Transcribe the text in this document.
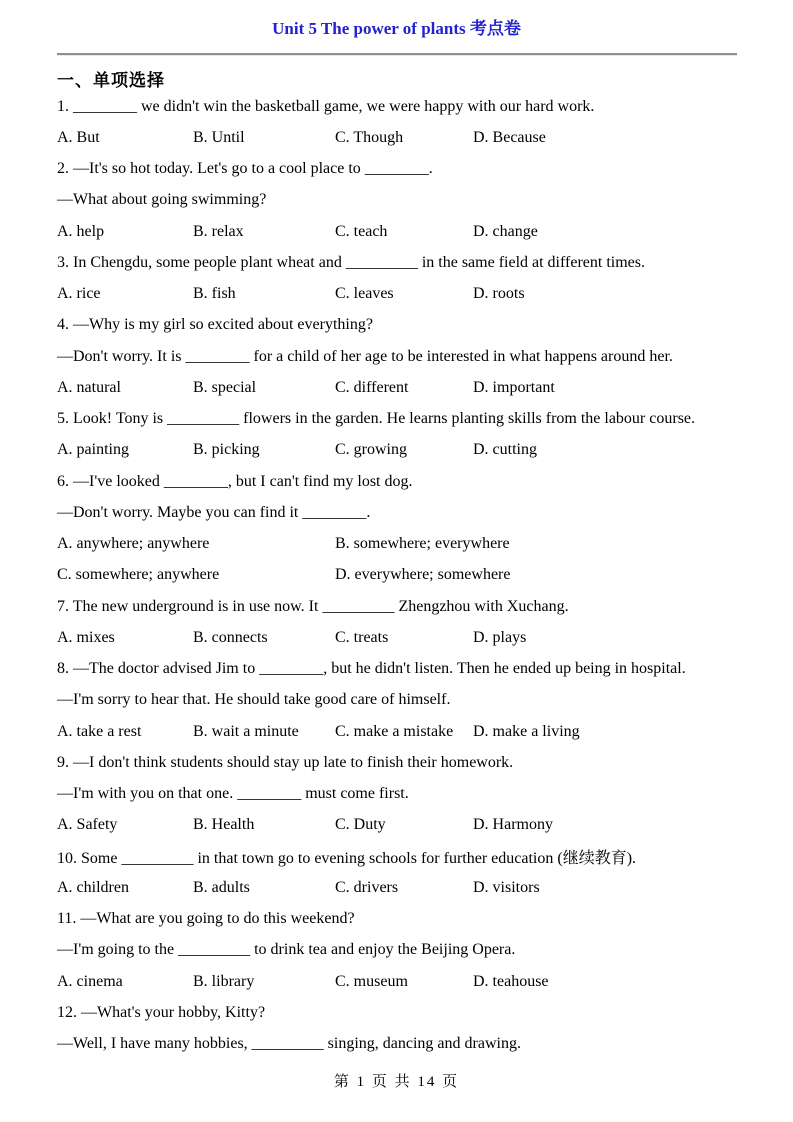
Unit 5 The power of plants 考点卷
一、单项选择
1. ________ we didn't win the basketball game, we were happy with our hard work.
A. But	B. Until	C. Though	D. Because
2. —It's so hot today. Let's go to a cool place to ________.
—What about going swimming?
A. help	B. relax	C. teach	D. change
3. In Chengdu, some people plant wheat and _________ in the same field at different times.
A. rice	B. fish	C. leaves	D. roots
4. —Why is my girl so excited about everything?
—Don't worry. It is ________ for a child of her age to be interested in what happens around her.
A. natural	B. special	C. different	D. important
5. Look! Tony is _________ flowers in the garden. He learns planting skills from the labour course.
A. painting	B. picking	C. growing	D. cutting
6. —I've looked ________, but I can't find my lost dog.
—Don't worry. Maybe you can find it ________.
A. anywhere; anywhere	B. somewhere; everywhere
C. somewhere; anywhere	D. everywhere; somewhere
7. The new underground is in use now. It _________ Zhengzhou with Xuchang.
A. mixes	B. connects	C. treats	D. plays
8. —The doctor advised Jim to ________, but he didn't listen. Then he ended up being in hospital.
—I'm sorry to hear that. He should take good care of himself.
A. take a rest	B. wait a minute	C. make a mistake	D. make a living
9. —I don't think students should stay up late to finish their homework.
—I'm with you on that one. ________ must come first.
A. Safety	B. Health	C. Duty	D. Harmony
10. Some _________ in that town go to evening schools for further education (继续教育).
A. children	B. adults	C. drivers	D. visitors
11. —What are you going to do this weekend?
—I'm going to the _________ to drink tea and enjoy the Beijing Opera.
A. cinema	B. library	C. museum	D. teahouse
12. —What's your hobby, Kitty?
—Well, I have many hobbies, _________ singing, dancing and drawing.
第 1 页 共 14 页
